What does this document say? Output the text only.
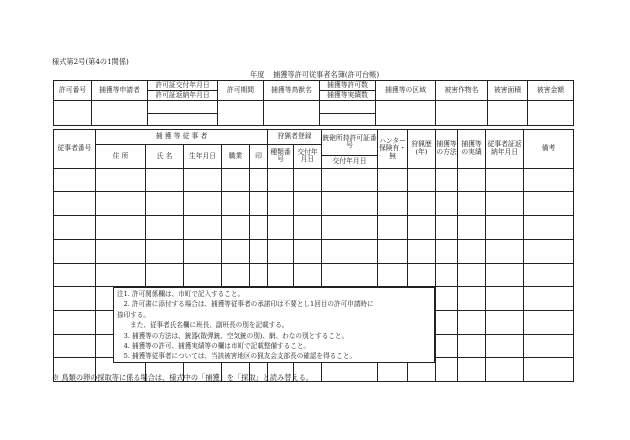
様式第2号(第4の1関係)
年度 捕獲等許可従事者名簿(許可台帳)
許可番号	捕獲等申請者	許可証交付年月日	許可期間	捕獲等鳥獣名	捕獲等許可数	捕獲等の区域	被害作物名	被害面積	被害金額
		許可証返納年月日			捕獲等実績数				

従事者番号	捕 獲 等 従 事 者					狩猟者登録		銃砲所持許可証番号	ハンター保険有・無	狩猟歴(年)	捕獲等の方法	捕獲等の実績	従事者証返納年月日	備考
	住 所	氏 名	生年月日	職業	印	種類番号	交付年月日							
								交付年月日						

注1. 許可関係欄は、市町で記入すること。
　2. 許可書に添付する場合は、捕獲等従事者の承諾印は不要とし1回目の許可申請時に
捺印する。
　　また、従事者氏名欄に班長、副班長の別を記載する。
　3. 捕獲等の方法は、銃器(散弾銃、空気銃の別)、網、わなの別とすること。
　4. 捕獲等の許可、捕獲実績等の欄は市町で記載整備すること。
　5. 捕獲等従事者については、当該被害地区の猟友会支部長の確認を得ること。
※ 鳥類の卵の採取等に係る場合は、様式中の「捕獲」を「採取」と読み替える。
